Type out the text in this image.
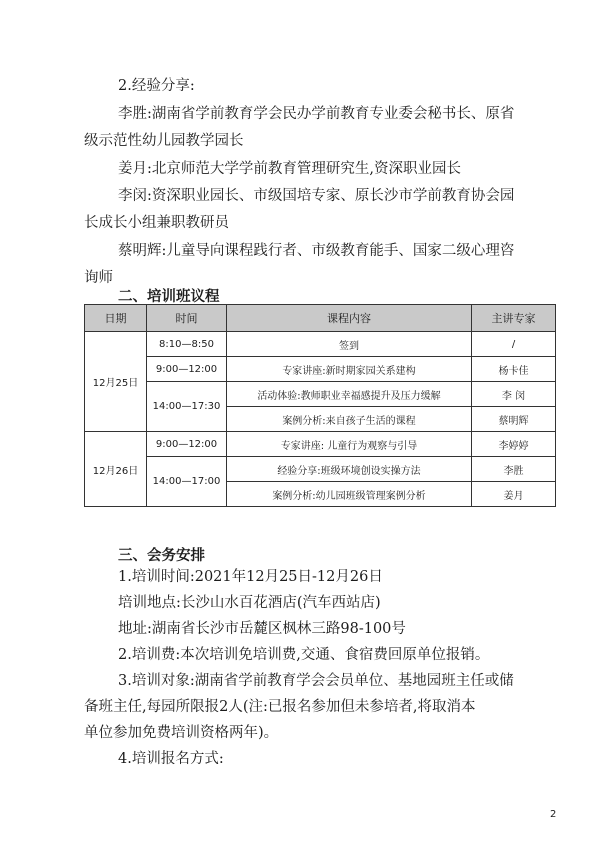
2.经验分享:
李胜:湖南省学前教育学会民办学前教育专业委会秘书长、原省
级示范性幼儿园教学园长
姜月:北京师范大学学前教育管理研究生,资深职业园长
李闵:资深职业园长、市级国培专家、原长沙市学前教育协会园
长成长小组兼职教研员
蔡明辉:儿童导向课程践行者、市级教育能手、国家二级心理咨
询师
二、培训班议程
日期	时间	课程内容	主讲专家
12月25日	8:10—8:50	签到	/
	9:00—12:00	专家讲座:新时期家园关系建构	杨卡佳
	14:00—17:30	活动体验:教师职业幸福感提升及压力缓解	李 闵
		案例分析:来自孩子生活的课程	蔡明辉
12月26日	9:00—12:00	专家讲座: 儿童行为观察与引导	李婷婷
	14:00—17:00	经验分享:班级环境创设实操方法	李胜
		案例分析:幼儿园班级管理案例分析	姜月
三、会务安排
1.培训时间:2021年12月25日-12月26日
培训地点:长沙山水百花酒店(汽车西站店)
地址:湖南省长沙市岳麓区枫林三路98-100号
2.培训费:本次培训免培训费,交通、食宿费回原单位报销。
3.培训对象:湖南省学前教育学会会员单位、基地园班主任或储
备班主任,每园所限报2人(注:已报名参加但未参培者,将取消本
单位参加免费培训资格两年)。
4.培训报名方式:
2
